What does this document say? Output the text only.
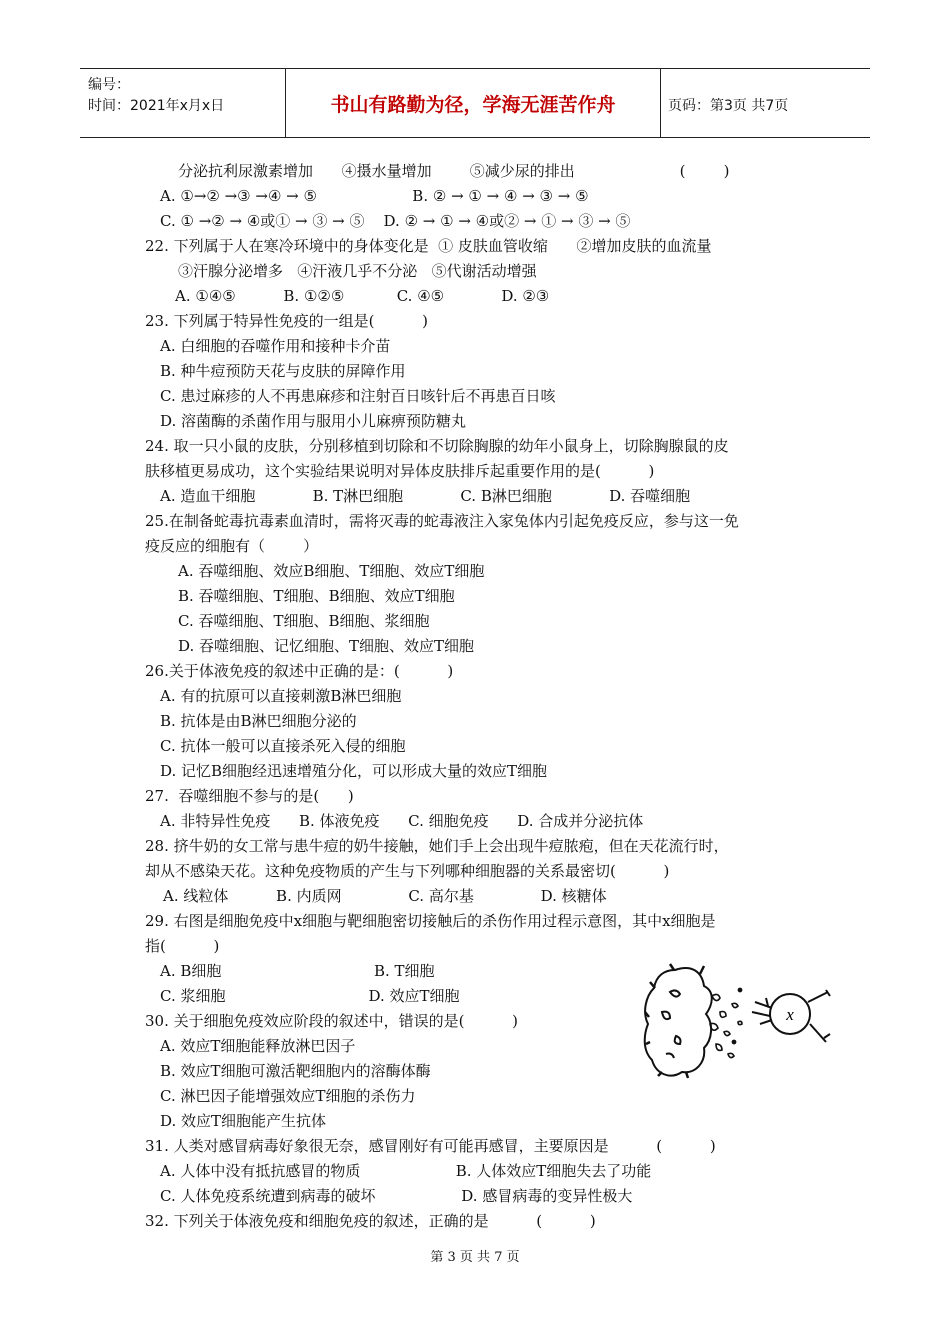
编号：
时间：2021年x月x日	书山有路勤为径，学海无涯苦作舟	页码：第3页 共7页
分泌抗利尿激素增加      ④摄水量增加        ⑤减少尿的排出                      (        )
A. ①→② →③ →④ → ⑤                    B. ② → ① → ④ → ③ → ⑤
C. ① →② → ④或① → ③ → ⑤    D. ② → ① → ④或② → ① → ③ → ⑤
22. 下列属于人在寒冷环境中的身体变化是  ① 皮肤血管收缩      ②增加皮肤的血流量
③汗腺分泌增多   ④汗液几乎不分泌   ⑤代谢活动增强
A. ①④⑤          B. ①②⑤           C. ④⑤            D. ②③
23. 下列属于特异性免疫的一组是(          )
A. 白细胞的吞噬作用和接种卡介苗
B. 种牛痘预防天花与皮肤的屏障作用
C. 患过麻疹的人不再患麻疹和注射百日咳针后不再患百日咳
D. 溶菌酶的杀菌作用与服用小儿麻痹预防糖丸
24. 取一只小鼠的皮肤，分别移植到切除和不切除胸腺的幼年小鼠身上，切除胸腺鼠的皮
肤移植更易成功，这个实验结果说明对异体皮肤排斥起重要作用的是(          )
A. 造血干细胞            B. T淋巴细胞            C. B淋巴细胞            D. 吞噬细胞
25.在制备蛇毒抗毒素血清时，需将灭毒的蛇毒液注入家兔体内引起免疫反应，参与这一免
疫反应的细胞有（        ）
A. 吞噬细胞、效应B细胞、T细胞、效应T细胞
B. 吞噬细胞、T细胞、B细胞、效应T细胞
C. 吞噬细胞、T细胞、B细胞、浆细胞
D. 吞噬细胞、记忆细胞、T细胞、效应T细胞
26.关于体液免疫的叙述中正确的是：(          )
A. 有的抗原可以直接刺激B淋巴细胞
B. 抗体是由B淋巴细胞分泌的
C. 抗体一般可以直接杀死入侵的细胞
D. 记忆B细胞经迅速增殖分化，可以形成大量的效应T细胞
27.  吞噬细胞不参与的是(      )
A. 非特异性免疫      B. 体液免疫      C. 细胞免疫      D. 合成并分泌抗体
28. 挤牛奶的女工常与患牛痘的奶牛接触，她们手上会出现牛痘脓疱，但在天花流行时，
却从不感染天花。这种免疫物质的产生与下列哪种细胞器的关系最密切(          )
A. 线粒体          B. 内质网              C. 高尔基              D. 核糖体
29. 右图是细胞免疫中x细胞与靶细胞密切接触后的杀伤作用过程示意图，其中x细胞是
指(          )
A. B细胞                                B. T细胞
C. 浆细胞                              D. 效应T细胞
30. 关于细胞免疫效应阶段的叙述中，错误的是(          )
A. 效应T细胞能释放淋巴因子
B. 效应T细胞可激活靶细胞内的溶酶体酶
C. 淋巴因子能增强效应T细胞的杀伤力
D. 效应T细胞能产生抗体
31. 人类对感冒病毒好象很无奈，感冒刚好有可能再感冒，主要原因是          (          )
A. 人体中没有抵抗感冒的物质                    B. 人体效应T细胞失去了功能
C. 人体免疫系统遭到病毒的破坏                  D. 感冒病毒的变异性极大
32. 下列关于体液免疫和细胞免疫的叙述，正确的是          (          )
x
第 3 页 共 7 页
